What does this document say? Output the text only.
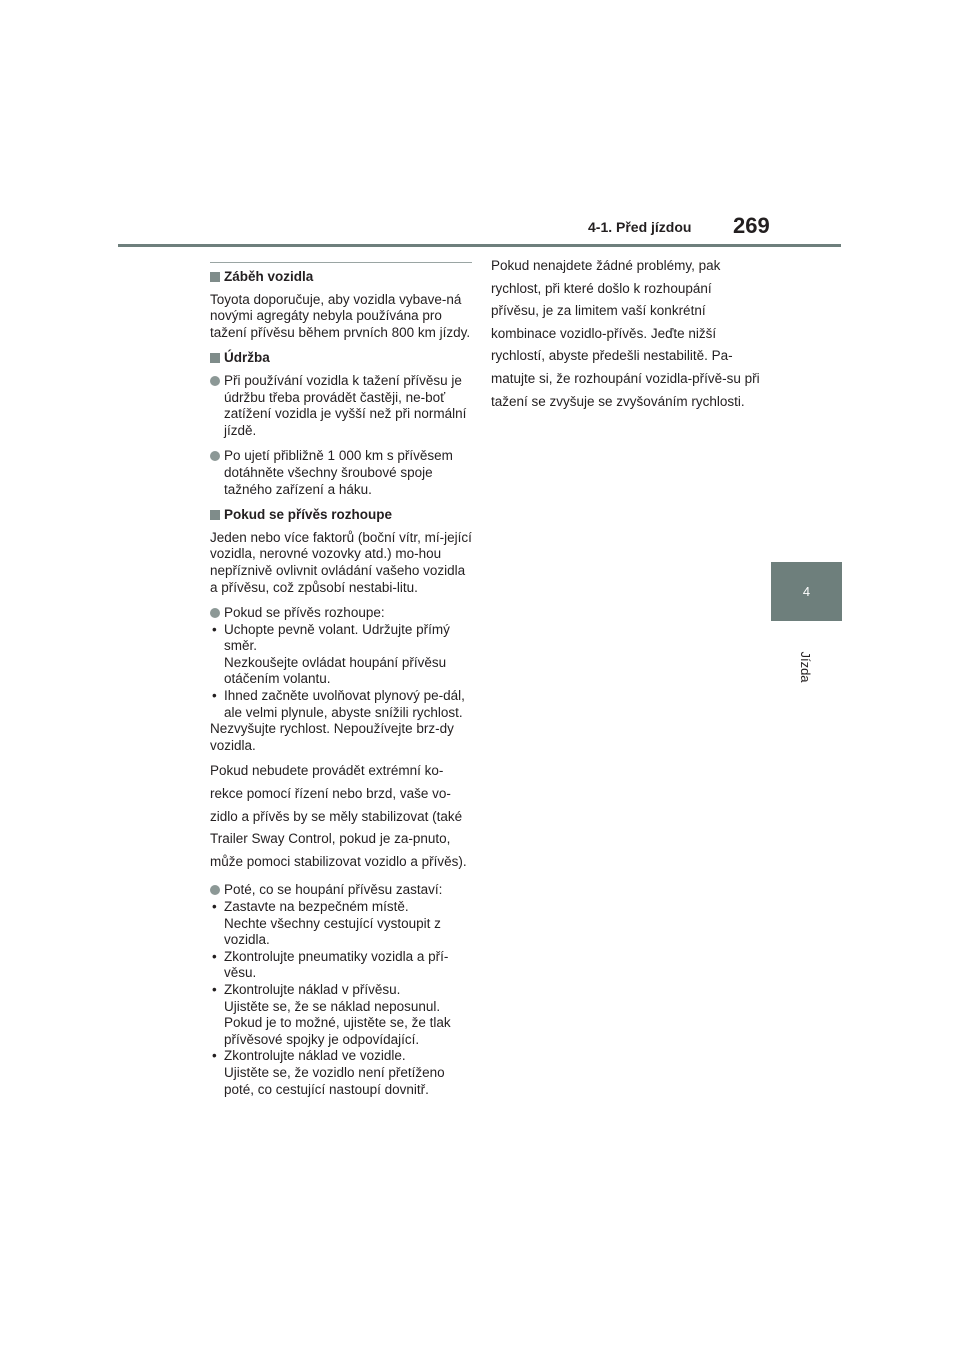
4-1. Před jízdou 269
4
Jízda
Záběh vozidla
Toyota doporučuje, aby vozidla vybave-ná novými agregáty nebyla používána pro tažení přívěsu během prvních 800 km jízdy.
Údržba
Při používání vozidla k tažení přívěsu je údržbu třeba provádět častěji, ne-boť zatížení vozidla je vyšší než při normální jízdě.
Po ujetí přibližně 1 000 km s přívěsem dotáhněte všechny šroubové spoje tažného zařízení a háku.
Pokud se přívěs rozhoupe
Jeden nebo více faktorů (boční vítr, mí-jející vozidla, nerovné vozovky atd.) mo-hou nepříznivě ovlivnit ovládání vašeho vozidla a přívěsu, což způsobí nestabi-litu.
Pokud se přívěs rozhoupe:
• Uchopte pevně volant. Udržujte přímý směr.
Nezkoušejte ovládat houpání přívěsu otáčením volantu.
• Ihned začněte uvolňovat plynový pe-dál, ale velmi plynule, abyste snížili rychlost.
Nezvyšujte rychlost. Nepoužívejte brz-dy vozidla.
Pokud nebudete provádět extrémní ko-rekce pomocí řízení nebo brzd, vaše vo-zidlo a přívěs by se měly stabilizovat (také Trailer Sway Control, pokud je za-pnuto, může pomoci stabilizovat vozidlo a přívěs).
Poté, co se houpání přívěsu zastaví:
• Zastavte na bezpečném místě.
Nechte všechny cestující vystoupit z vozidla.
• Zkontrolujte pneumatiky vozidla a pří-věsu.
• Zkontrolujte náklad v přívěsu.
Ujistěte se, že se náklad neposunul. Pokud je to možné, ujistěte se, že tlak přívěsové spojky je odpovídající.
• Zkontrolujte náklad ve vozidle.
Ujistěte se, že vozidlo není přetíženo poté, co cestující nastoupí dovnitř.
Pokud nenajdete žádné problémy, pak rychlost, při které došlo k rozhoupání přívěsu, je za limitem vaší konkrétní kombinace vozidlo-přívěs. Jeďte nižší rychlostí, abyste předešli nestabilitě. Pa-matujte si, že rozhoupání vozidla-přívě-su při tažení se zvyšuje se zvyšováním rychlosti.
